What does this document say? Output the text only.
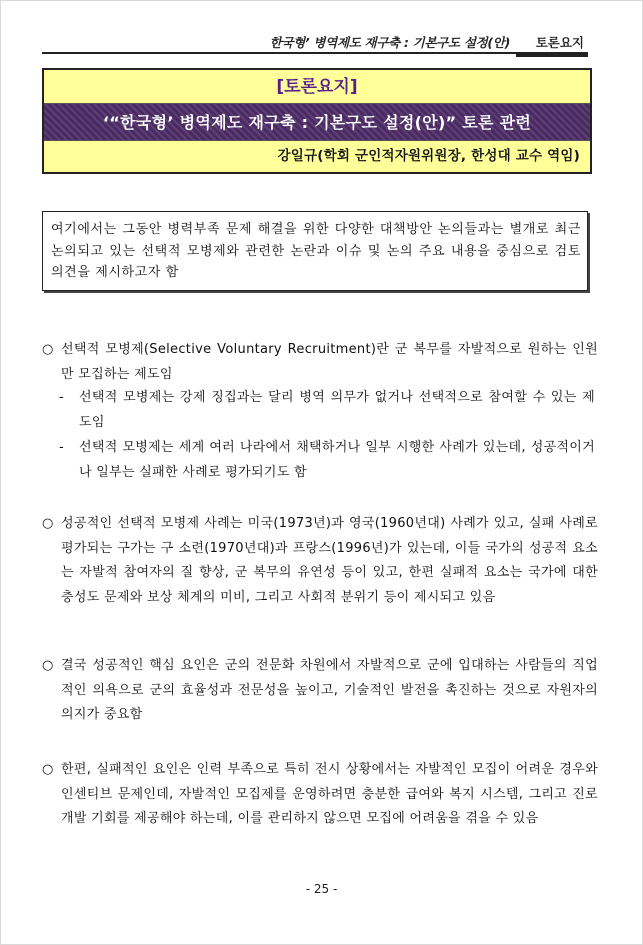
한국형’ 병역제도 재구축 : 기본구도 설정(안) 토론요지
[토론요지]
‘“한국형’ 병역제도 재구축 : 기본구도 설정(안)” 토론 관련
강일규(학회 군인적자원위원장, 한성대 교수 역임)
여기에서는 그동안 병력부족 문제 해결을 위한 다양한 대책방안 논의들과는 별개로 최근 논의되고 있는 선택적 모병제와 관련한 논란과 이슈 및 논의 주요 내용을 중심으로 검토 의견을 제시하고자 함
○ 선택적 모병제(Selective Voluntary Recruitment)란 군 복무를 자발적으로 원하는 인원만 모집하는 제도임
-	선택적 모병제는 강제 징집과는 달리 병역 의무가 없거나 선택적으로 참여할 수 있는 제도임
-	선택적 모병제는 세계 여러 나라에서 채택하거나 일부 시행한 사례가 있는데, 성공적이거나 일부는 실패한 사례로 평가되기도 함
○ 성공적인 선택적 모병제 사례는 미국(1973년)과 영국(1960년대) 사례가 있고, 실패 사례로 평가되는 구가는 구 소련(1970년대)과 프랑스(1996년)가 있는데, 이들 국가의 성공적 요소는 자발적 참여자의 질 향상, 군 복무의 유연성 등이 있고, 한편 실패적 요소는 국가에 대한 충성도 문제와 보상 체계의 미비, 그리고 사회적 분위기 등이 제시되고 있음
○ 결국 성공적인 핵심 요인은 군의 전문화 차원에서 자발적으로 군에 입대하는 사람들의 직업적인 의욕으로 군의 효율성과 전문성을 높이고, 기술적인 발전을 촉진하는 것으로 자원자의 의지가 중요함
○ 한편, 실패적인 요인은 인력 부족으로 특히 전시 상황에서는 자발적인 모집이 어려운 경우와 인센티브 문제인데, 자발적인 모집제를 운영하려면 충분한 급여와 복지 시스템, 그리고 진로 개발 기회를 제공해야 하는데, 이를 관리하지 않으면 모집에 어려움을 겪을 수 있음
- 25 -
